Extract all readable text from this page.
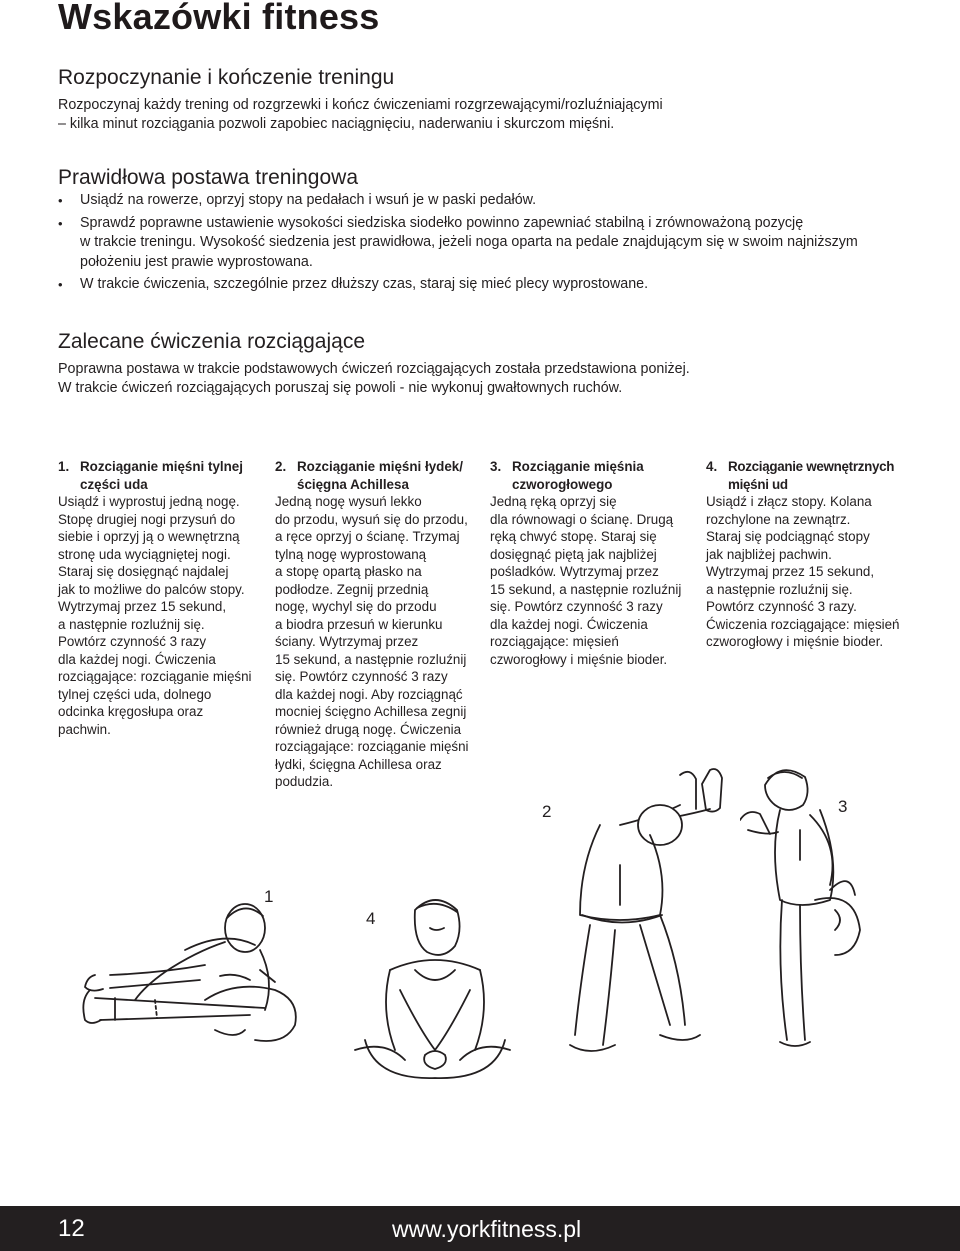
Wskazówki fitness
Rozpoczynanie i kończenie treningu

Rozpoczynaj każdy trening od rozgrzewki i kończ ćwiczeniami rozgrzewającymi/rozluźniającymi
– kilka minut rozciągania pozwoli zapobiec naciągnięciu, naderwaniu i skurczom mięśni.

Prawidłowa postawa treningowa
• Usiądź na rowerze, oprzyj stopy na pedałach i wsuń je w paski pedałów.
• Sprawdź poprawne ustawienie wysokości siedziska siodełko powinno zapewniać stabilną i zrównoważoną pozycję
w trakcie treningu. Wysokość siedzenia jest prawidłowa, jeżeli noga oparta na pedale znajdującym się w swoim najniższym
położeniu jest prawie wyprostowana.
• W trakcie ćwiczenia, szczególnie przez dłuższy czas, staraj się mieć plecy wyprostowane.
Zalecane ćwiczenia rozciągające

Poprawna postawa w trakcie podstawowych ćwiczeń rozciągających została przedstawiona poniżej.
W trakcie ćwiczeń rozciągających poruszaj się powoli - nie wykonuj gwałtownych ruchów.

1. Rozciąganie mięśni tylnej
części uda
Usiądź i wyprostuj jedną nogę.
Stopę drugiej nogi przysuń do
siebie i oprzyj ją o wewnętrzną
stronę uda wyciągniętej nogi.
Staraj się dosięgnąć najdalej
jak to możliwe do palców stopy.
Wytrzymaj przez 15 sekund,
a następnie rozluźnij się.
Powtórz czynność 3 razy
dla każdej nogi. Ćwiczenia
rozciągające: rozciąganie mięśni
tylnej części uda, dolnego
odcinka kręgosłupa oraz
pachwin.
2. Rozciąganie mięśni łydek/
ścięgna Achillesa
Jedną nogę wysuń lekko
do przodu, wysuń się do przodu,
a ręce oprzyj o ścianę. Trzymaj
tylną nogę wyprostowaną
a stopę opartą płasko na
podłodze. Zegnij przednią
nogę, wychyl się do przodu
a biodra przesuń w kierunku
ściany. Wytrzymaj przez
15 sekund, a następnie rozluźnij
się. Powtórz czynność 3 razy
dla każdej nogi. Aby rozciągnąć
mocniej ścięgno Achillesa zegnij
również drugą nogę. Ćwiczenia
rozciągające: rozciąganie mięśni
łydki, ścięgna Achillesa oraz
podudzia.
3. Rozciąganie mięśnia
czworogłowego
Jedną ręką oprzyj się
dla równowagi o ścianę. Drugą
ręką chwyć stopę. Staraj się
dosięgnąć piętą jak najbliżej
pośladków. Wytrzymaj przez
15 sekund, a następnie rozluźnij
się. Powtórz czynność 3 razy
dla każdej nogi. Ćwiczenia
rozciągające: mięsień
czworogłowy i mięśnie bioder.
4. Rozciąganie wewnętrznych
mięśni ud
Usiądź i złącz stopy. Kolana
rozchylone na zewnątrz.
Staraj się podciągnąć stopy
jak najbliżej pachwin.
Wytrzymaj przez 15 sekund,
a następnie rozluźnij się.
Powtórz czynność 3 razy.
Ćwiczenia rozciągające: mięsień
czworogłowy i mięśnie bioder.
1
2	3
4
12	www.yorkfitness.pl
